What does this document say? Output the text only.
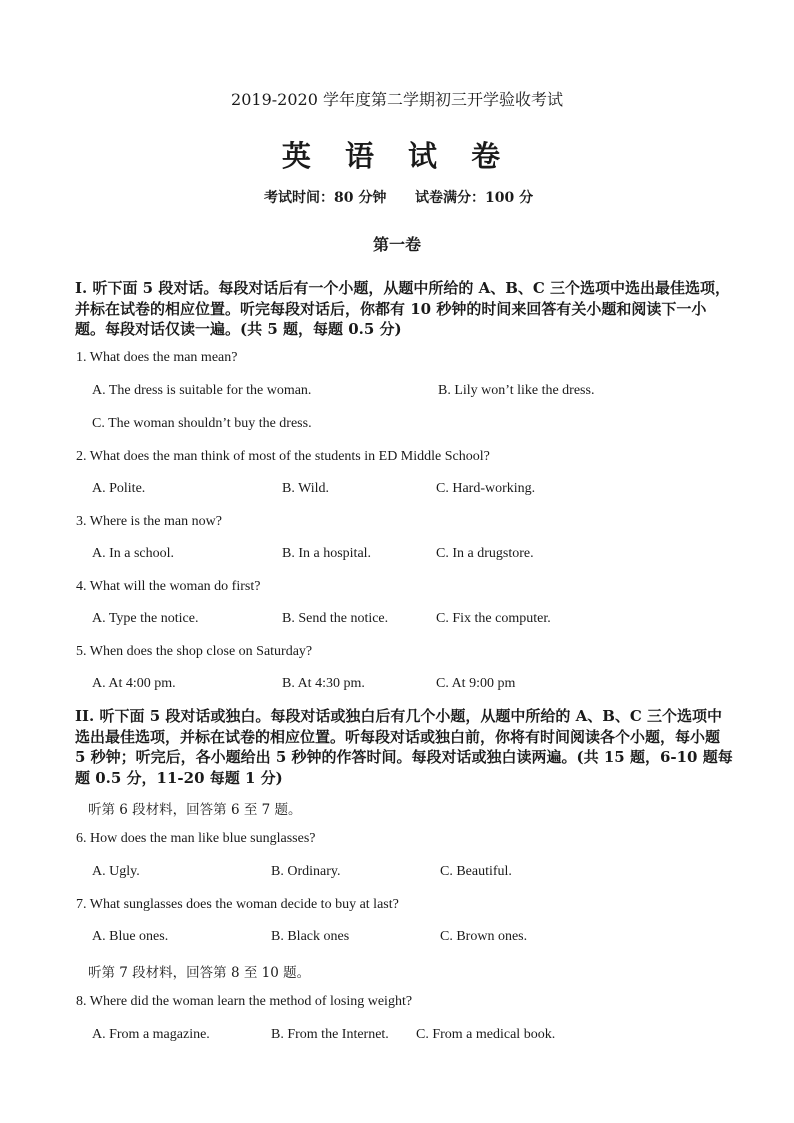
2019-2020 学年度第二学期初三开学验收考试
英 语 试 卷
考试时间：80 分钟 试卷满分：100 分
第一卷
I. 听下面 5 段对话。每段对话后有一个小题，从题中所给的 A、B、C 三个选项中选出最佳选项，并标在试卷的相应位置。听完每段对话后，你都有 10 秒钟的时间来回答有关小题和阅读下一小题。每段对话仅读一遍。(共 5 题，每题 0.5 分)
1. What does the man mean?
A. The dress is suitable for the woman.	B. Lily won’t like the dress.
C. The woman shouldn’t buy the dress.
2. What does the man think of most of the students in ED Middle School?
A. Polite.	B. Wild.	C. Hard-working.
3. Where is the man now?
A. In a school.	B. In a hospital.	C. In a drugstore.
4. What will the woman do first?
A. Type the notice.	B. Send the notice.	C. Fix the computer.
5. When does the shop close on Saturday?
A. At 4:00 pm.	B. At 4:30 pm.	C. At 9:00 pm
II. 听下面 5 段对话或独白。每段对话或独白后有几个小题，从题中所给的 A、B、C 三个选项中选出最佳选项，并标在试卷的相应位置。听每段对话或独白前，你将有时间阅读各个小题，每小题 5 秒钟；听完后，各小题给出 5 秒钟的作答时间。每段对话或独白读两遍。(共 15 题，6-10 题每题 0.5 分，11-20 每题 1 分)
听第 6 段材料，回答第 6 至 7 题。
6. How does the man like blue sunglasses?
A. Ugly.	B. Ordinary.	C. Beautiful.
7. What sunglasses does the woman decide to buy at last?
A. Blue ones.	B. Black ones	C. Brown ones.
听第 7 段材料，回答第 8 至 10 题。
8. Where did the woman learn the method of losing weight?
A. From a magazine.	B. From the Internet. C. From a medical book.
